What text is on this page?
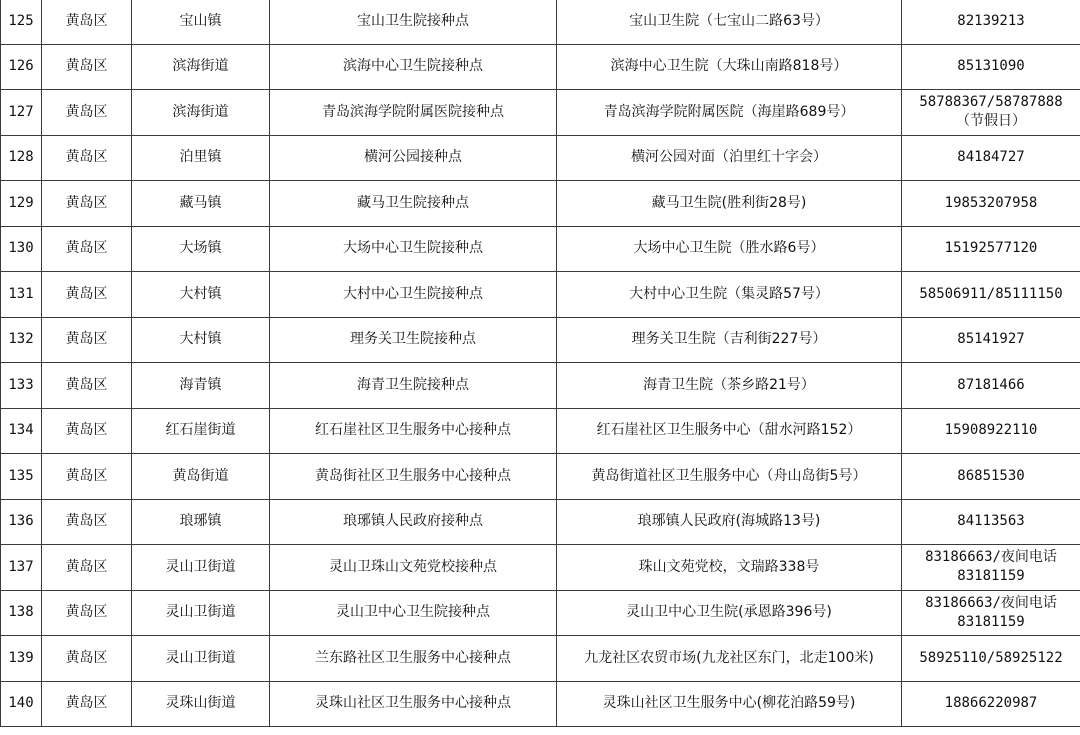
125	黄岛区	宝山镇	宝山卫生院接种点	宝山卫生院（七宝山二路63号）	82139213

126	黄岛区	滨海街道	滨海中心卫生院接种点	滨海中心卫生院（大珠山南路818号）	85131090

127	黄岛区	滨海街道	青岛滨海学院附属医院接种点	青岛滨海学院附属医院（海崖路689号）	58788367/58787888
（节假日）

128	黄岛区	泊里镇	横河公园接种点	横河公园对面（泊里红十字会）	84184727

129	黄岛区	藏马镇	藏马卫生院接种点	藏马卫生院(胜利街28号)	19853207958

130	黄岛区	大场镇	大场中心卫生院接种点	大场中心卫生院（胜水路6号）	15192577120

131	黄岛区	大村镇	大村中心卫生院接种点	大村中心卫生院（集灵路57号）	58506911/85111150

132	黄岛区	大村镇	理务关卫生院接种点	理务关卫生院（吉利街227号）	85141927

133	黄岛区	海青镇	海青卫生院接种点	海青卫生院（茶乡路21号）	87181466

134	黄岛区	红石崖街道	红石崖社区卫生服务中心接种点	红石崖社区卫生服务中心（甜水河路152）	15908922110

135	黄岛区	黄岛街道	黄岛街社区卫生服务中心接种点	黄岛街道社区卫生服务中心（舟山岛街5号）	86851530

136	黄岛区	琅琊镇	琅琊镇人民政府接种点	琅琊镇人民政府(海城路13号)	84113563

137	黄岛区	灵山卫街道	灵山卫珠山文苑党校接种点	珠山文苑党校，文瑞路338号	83186663/夜间电话
83181159

138	黄岛区	灵山卫街道	灵山卫中心卫生院接种点	灵山卫中心卫生院(承恩路396号)	83186663/夜间电话
83181159

139	黄岛区	灵山卫街道	兰东路社区卫生服务中心接种点	九龙社区农贸市场(九龙社区东门，北走100米)	58925110/58925122

140	黄岛区	灵珠山街道	灵珠山社区卫生服务中心接种点	灵珠山社区卫生服务中心(柳花泊路59号)	18866220987
